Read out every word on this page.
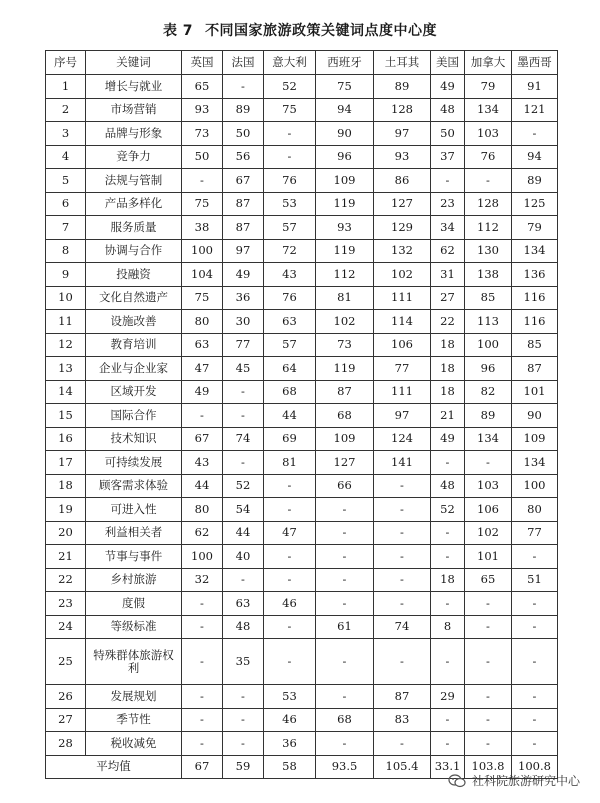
表 7 不同国家旅游政策关键词点度中心度
序号	关键词	英国	法国	意大利	西班牙	土耳其	美国	加拿大	墨西哥
1	增长与就业	65	-	52	75	89	49	79	91
2	市场营销	93	89	75	94	128	48	134	121
3	品牌与形象	73	50	-	90	97	50	103	-
4	竞争力	50	56	-	96	93	37	76	94
5	法规与管制	-	67	76	109	86	-	-	89
6	产品多样化	75	87	53	119	127	23	128	125
7	服务质量	38	87	57	93	129	34	112	79
8	协调与合作	100	97	72	119	132	62	130	134
9	投融资	104	49	43	112	102	31	138	136
10	文化自然遗产	75	36	76	81	111	27	85	116
11	设施改善	80	30	63	102	114	22	113	116
12	教育培训	63	77	57	73	106	18	100	85
13	企业与企业家	47	45	64	119	77	18	96	87
14	区域开发	49	-	68	87	111	18	82	101
15	国际合作	-	-	44	68	97	21	89	90
16	技术知识	67	74	69	109	124	49	134	109
17	可持续发展	43	-	81	127	141	-	-	134
18	顾客需求体验	44	52	-	66	-	48	103	100
19	可进入性	80	54	-	-	-	52	106	80
20	利益相关者	62	44	47	-	-	-	102	77
21	节事与事件	100	40	-	-	-	-	101	-
22	乡村旅游	32	-	-	-	-	18	65	51
23	度假	-	63	46	-	-	-	-	-
24	等级标准	-	48	-	61	74	8	-	-
25	特殊群体旅游权利	-	35	-	-	-	-	-	-
26	发展规划	-	-	53	-	87	29	-	-
27	季节性	-	-	46	68	83	-	-	-
28	税收减免	-	-	36	-	-	-	-	-
平均值		67	59	58	93.5	105.4	33.1	103.8	100.8
社科院旅游研究中心
